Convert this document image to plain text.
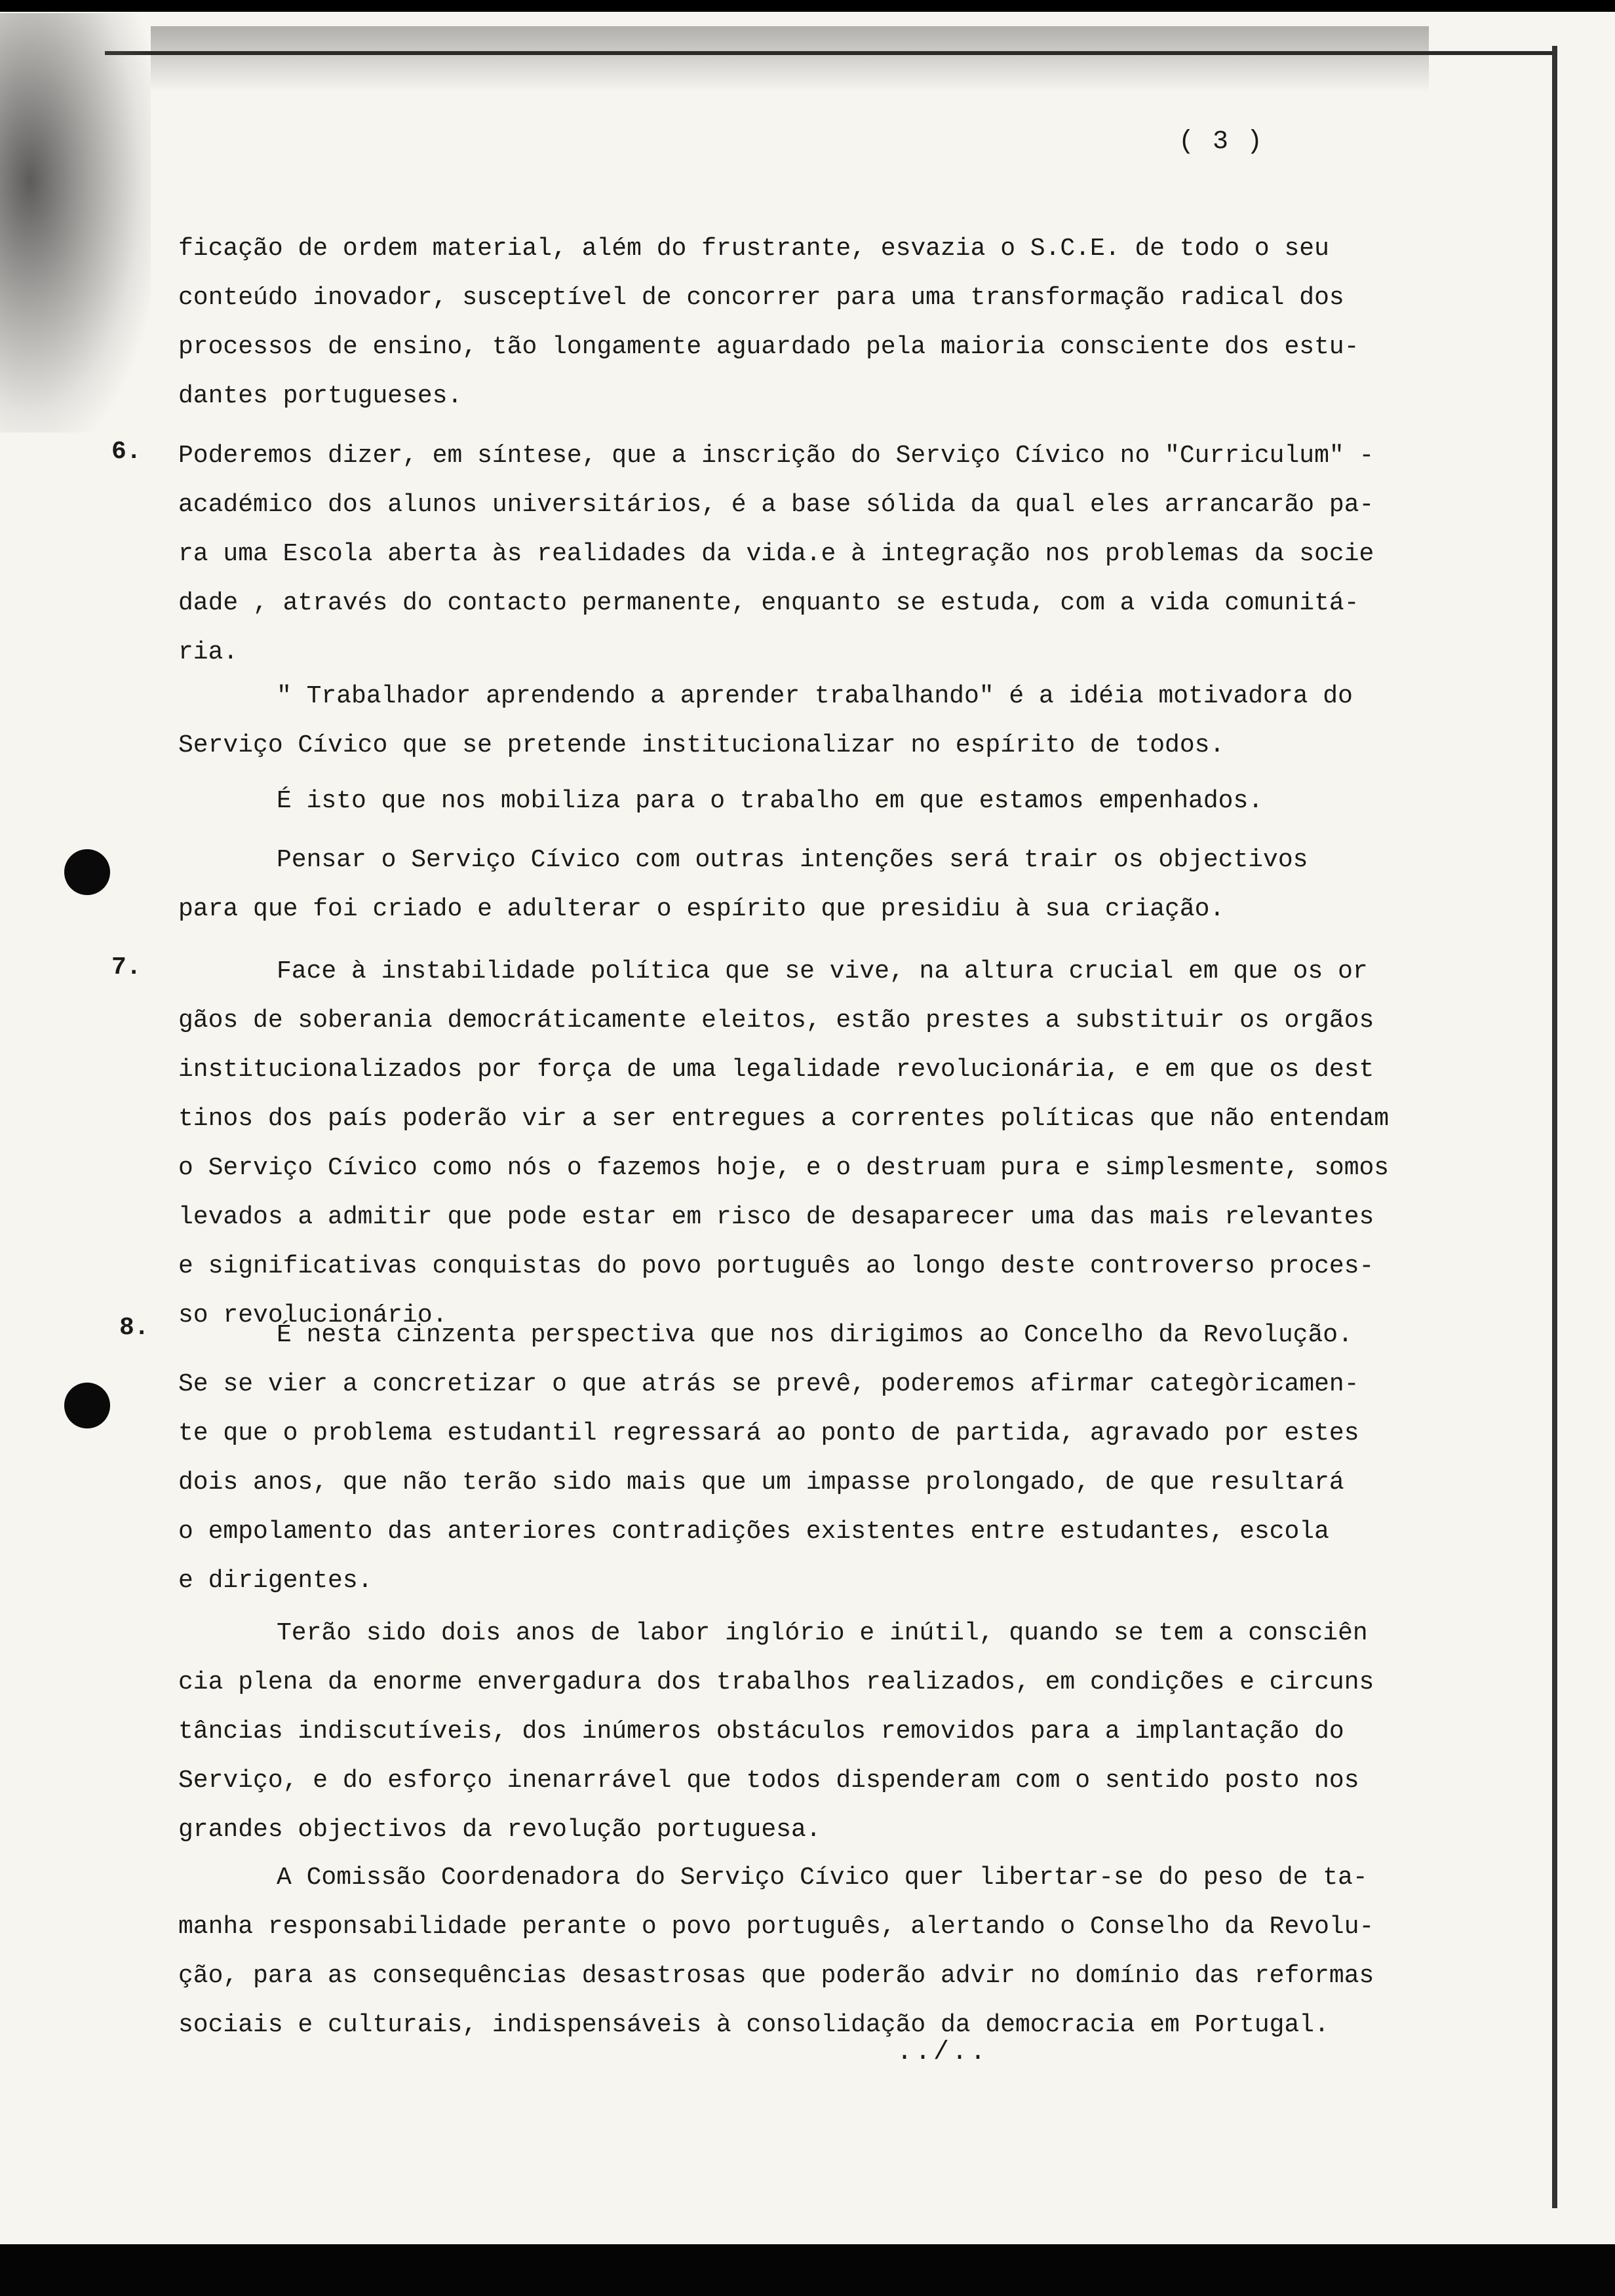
( 3 )
6.
7.
8.
ficação de ordem material, além do frustrante, esvazia o S.C.E. de todo o seu
conteúdo inovador, susceptível de concorrer para uma transformação radical dos
processos de ensino, tão longamente aguardado pela maioria consciente dos estu-
dantes portugueses.
Poderemos dizer, em síntese, que a inscrição do Serviço Cívico no "Curriculum" -
académico dos alunos universitários, é a base sólida da qual eles arrancarão pa-
ra uma Escola aberta às realidades da vida.e à integração nos problemas da socie
dade , através do contacto permanente, enquanto se estuda, com a vida comunitá-
ria.
" Trabalhador aprendendo a aprender trabalhando" é a idéia motivadora do
Serviço Cívico que se pretende institucionalizar no espírito de todos.
É isto que nos mobiliza para o trabalho em que estamos empenhados.
Pensar o Serviço Cívico com outras intenções será trair os objectivos
para que foi criado e adulterar o espírito que presidiu à sua criação.
Face à instabilidade política que se vive, na altura crucial em que os or
gãos de soberania democráticamente eleitos, estão prestes a substituir os orgãos
institucionalizados por força de uma legalidade revolucionária, e em que os dest
tinos dos país poderão vir a ser entregues a correntes políticas que não entendam
o Serviço Cívico como nós o fazemos hoje, e o destruam pura e simplesmente, somos
levados a admitir que pode estar em risco de desaparecer uma das mais relevantes
e significativas conquistas do povo português ao longo deste controverso proces-
so revolucionário.
É nesta cinzenta perspectiva que nos dirigimos ao Concelho da Revolução.
Se se vier a concretizar o que atrás se prevê, poderemos afirmar categòricamen-
te que o problema estudantil regressará ao ponto de partida, agravado por estes
dois anos, que não terão sido mais que um impasse prolongado, de que resultará
o empolamento das anteriores contradições existentes entre estudantes, escola
e dirigentes.
Terão sido dois anos de labor inglório e inútil, quando se tem a consciên
cia plena da enorme envergadura dos trabalhos realizados, em condições e circuns
tâncias indiscutíveis, dos inúmeros obstáculos removidos para a implantação do
Serviço, e do esforço inenarrável que todos dispenderam com o sentido posto nos
grandes objectivos da revolução portuguesa.
A Comissão Coordenadora do Serviço Cívico quer libertar-se do peso de ta-
manha responsabilidade perante o povo português, alertando o Conselho da Revolu-
ção, para as consequências desastrosas que poderão advir no domínio das reformas
sociais e culturais, indispensáveis à consolidação da democracia em Portugal.
../..
